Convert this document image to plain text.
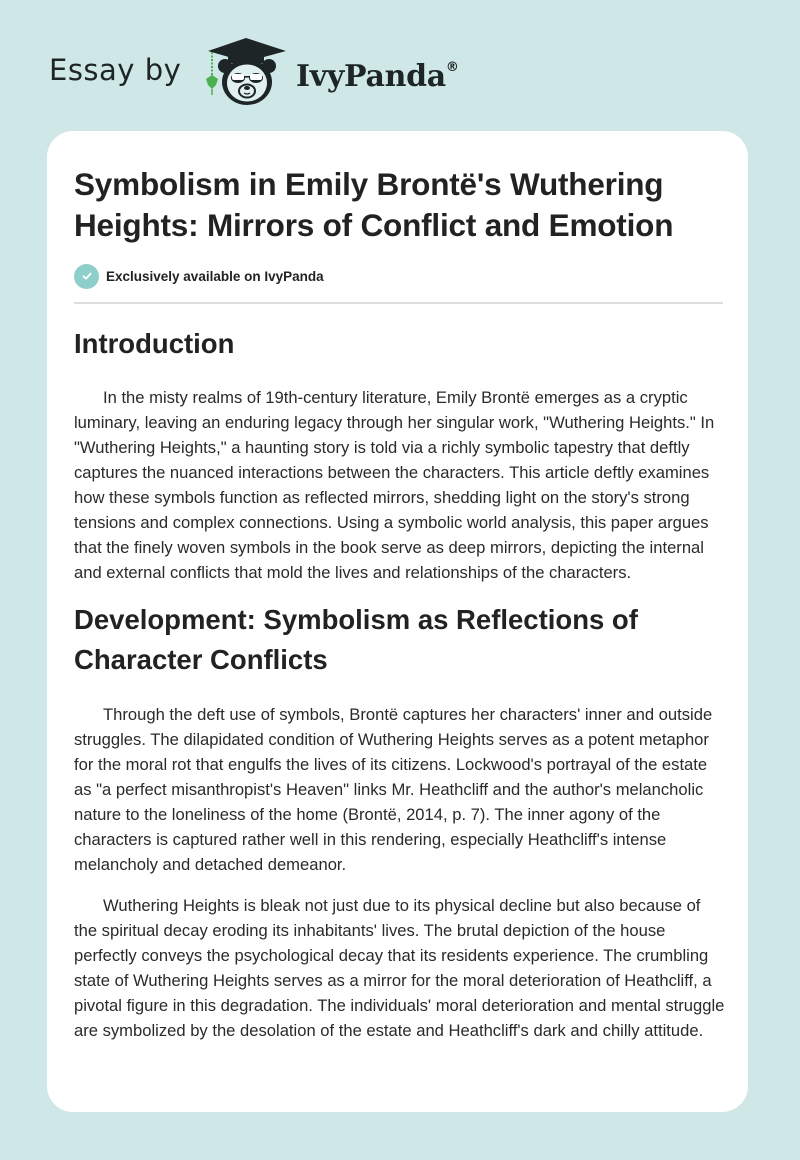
Essay by	IvyPanda®
Symbolism in Emily Brontë's Wuthering Heights: Mirrors of Conflict and Emotion
Exclusively available on IvyPanda
Introduction

In the misty realms of 19th-century literature, Emily Brontë emerges as a cryptic luminary, leaving an enduring legacy through her singular work, "Wuthering Heights." In "Wuthering Heights," a haunting story is told via a richly symbolic tapestry that deftly captures the nuanced interactions between the characters. This article deftly examines how these symbols function as reflected mirrors, shedding light on the story's strong tensions and complex connections. Using a symbolic world analysis, this paper argues that the finely woven symbols in the book serve as deep mirrors, depicting the internal and external conflicts that mold the lives and relationships of the characters.

Development: Symbolism as Reflections of Character Conflicts

Through the deft use of symbols, Brontë captures her characters' inner and outside struggles. The dilapidated condition of Wuthering Heights serves as a potent metaphor for the moral rot that engulfs the lives of its citizens. Lockwood's portrayal of the estate as "a perfect misanthropist's Heaven" links Mr. Heathcliff and the author's melancholic nature to the loneliness of the home (Brontë, 2014, p. 7). The inner agony of the characters is captured rather well in this rendering, especially Heathcliff's intense melancholy and detached demeanor.

Wuthering Heights is bleak not just due to its physical decline but also because of the spiritual decay eroding its inhabitants' lives. The brutal depiction of the house perfectly conveys the psychological decay that its residents experience. The crumbling state of Wuthering Heights serves as a mirror for the moral deterioration of Heathcliff, a pivotal figure in this degradation. The individuals' moral deterioration and mental struggle are symbolized by the desolation of the estate and Heathcliff's dark and chilly attitude.
